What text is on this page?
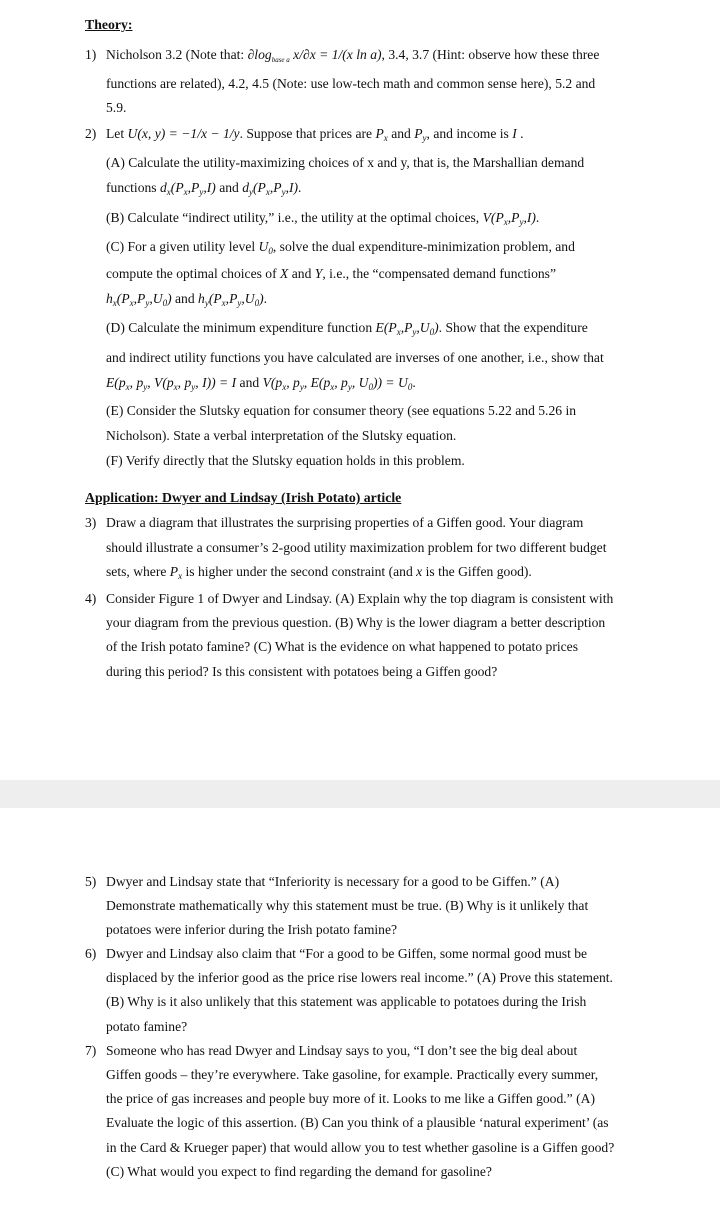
Theory:
1) Nicholson 3.2 (Note that: $\partial\log_{base a}$ x/∂x = 1/(x ln a), 3.4, 3.7 (Hint: observe how these three
functions are related), 4.2, 4.5 (Note: use low-tech math and common sense here), 5.2 and
5.9.
2) Let U(x, y) = −1/x − 1/y. Suppose that prices are $P_x$ and $P_y$, and income is I .
(A) Calculate the utility-maximizing choices of x and y, that is, the Marshallian demand
functions $d_x(P_x,P_y,I)$ and $d_y(P_x,P_y,I)$.
(B) Calculate “indirect utility,” i.e., the utility at the optimal choices, $V(P_x,P_y,I)$.
(C) For a given utility level $U_0$, solve the dual expenditure-minimization problem, and
compute the optimal choices of X and Y, i.e., the “compensated demand functions”
$h_x(P_x,P_y,U_0)$ and $h_y(P_x,P_y,U_0)$.
(D) Calculate the minimum expenditure function $E(P_x,P_y,U_0)$. Show that the expenditure
and indirect utility functions you have calculated are inverses of one another, i.e., show that
$E(p_x$, $p_y$, $V(p_x$, $p_y$, I)) = I and $V(p_x$, $p_y$, $E(p_x$, $p_y$, $U_0)) = U_0$.
(E) Consider the Slutsky equation for consumer theory (see equations 5.22 and 5.26 in
Nicholson). State a verbal interpretation of the Slutsky equation.
(F) Verify directly that the Slutsky equation holds in this problem.
Application: Dwyer and Lindsay (Irish Potato) article
3) Draw a diagram that illustrates the surprising properties of a Giffen good. Your diagram
should illustrate a consumer’s 2-good utility maximization problem for two different budget
sets, where $P_x$ is higher under the second constraint (and x is the Giffen good).
4) Consider Figure 1 of Dwyer and Lindsay. (A) Explain why the top diagram is consistent with
your diagram from the previous question. (B) Why is the lower diagram a better description
of the Irish potato famine? (C) What is the evidence on what happened to potato prices
during this period? Is this consistent with potatoes being a Giffen good?
5) Dwyer and Lindsay state that “Inferiority is necessary for a good to be Giffen.” (A)
Demonstrate mathematically why this statement must be true. (B) Why is it unlikely that
potatoes were inferior during the Irish potato famine?
6) Dwyer and Lindsay also claim that “For a good to be Giffen, some normal good must be
displaced by the inferior good as the price rise lowers real income.” (A) Prove this statement.
(B) Why is it also unlikely that this statement was applicable to potatoes during the Irish
potato famine?
7) Someone who has read Dwyer and Lindsay says to you, “I don’t see the big deal about
Giffen goods – they’re everywhere. Take gasoline, for example. Practically every summer,
the price of gas increases and people buy more of it. Looks to me like a Giffen good.” (A)
Evaluate the logic of this assertion. (B) Can you think of a plausible ‘natural experiment’ (as
in the Card & Krueger paper) that would allow you to test whether gasoline is a Giffen good?
(C) What would you expect to find regarding the demand for gasoline?
